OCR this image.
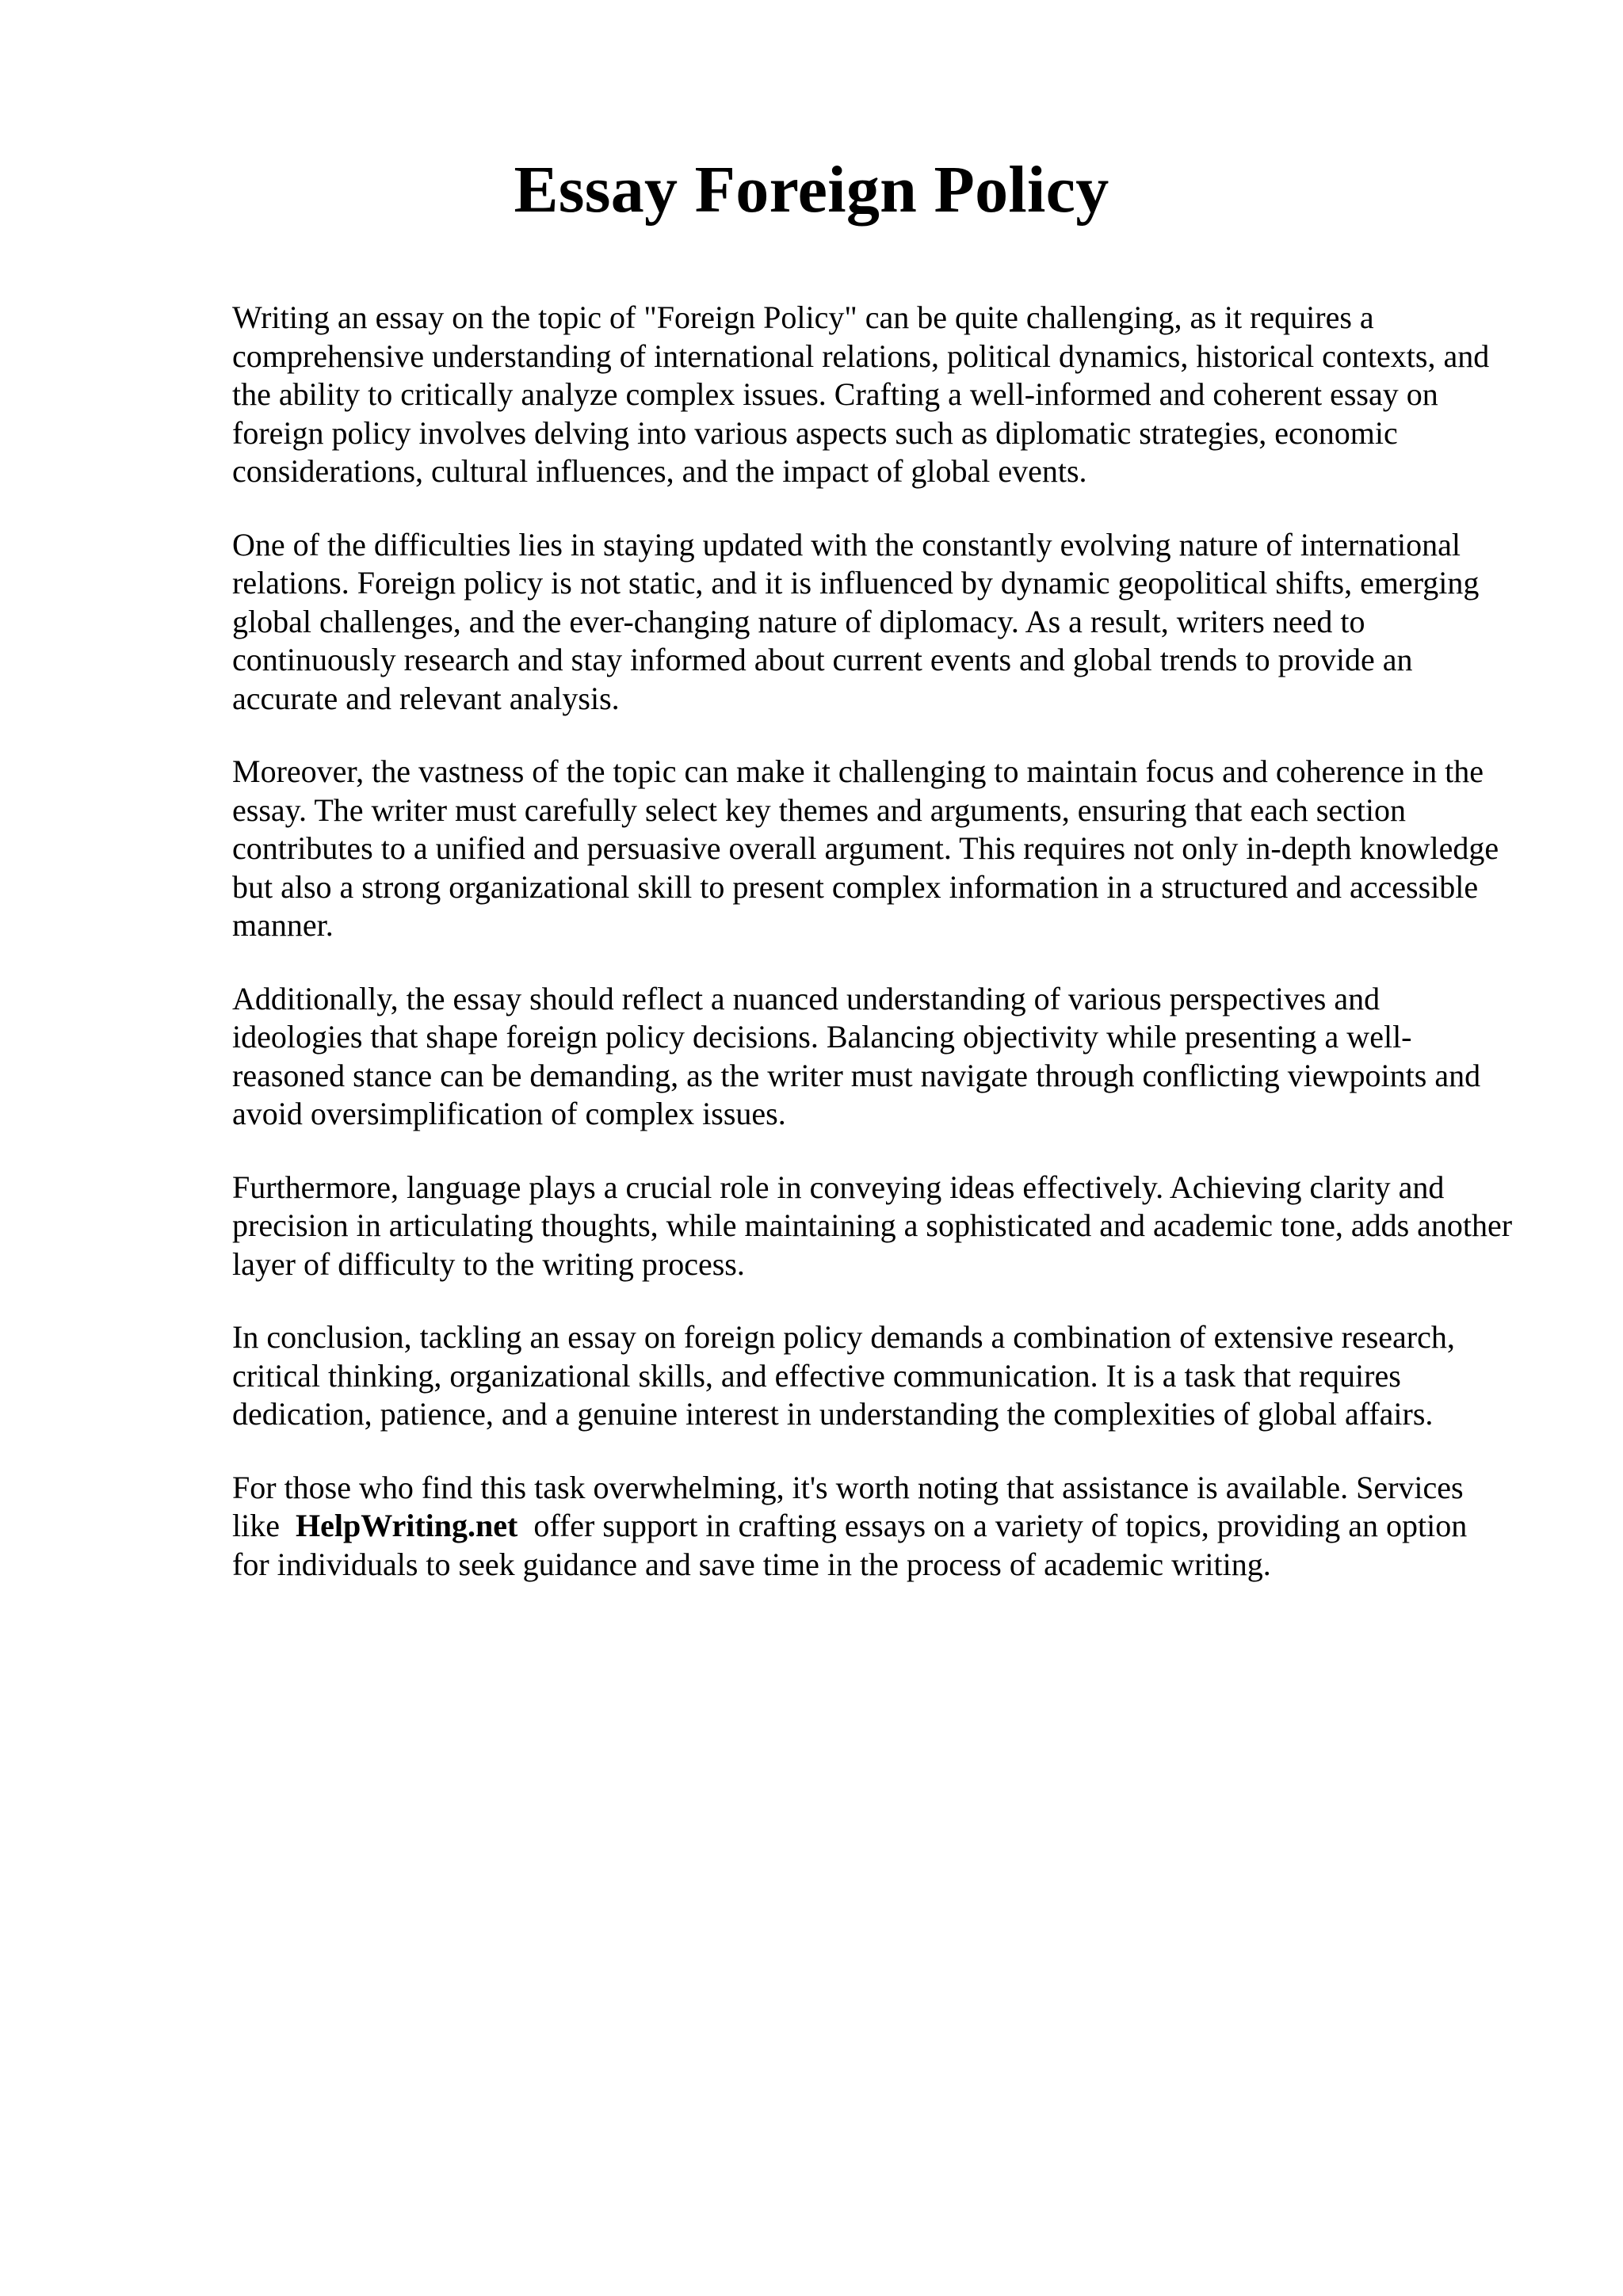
Essay Foreign Policy

Writing an essay on the topic of "Foreign Policy" can be quite challenging, as it requires a comprehensive understanding of international relations, political dynamics, historical contexts, and the ability to critically analyze complex issues. Crafting a well-informed and coherent essay on foreign policy involves delving into various aspects such as diplomatic strategies, economic considerations, cultural influences, and the impact of global events.

One of the difficulties lies in staying updated with the constantly evolving nature of international relations. Foreign policy is not static, and it is influenced by dynamic geopolitical shifts, emerging global challenges, and the ever-changing nature of diplomacy. As a result, writers need to continuously research and stay informed about current events and global trends to provide an accurate and relevant analysis.

Moreover, the vastness of the topic can make it challenging to maintain focus and coherence in the essay. The writer must carefully select key themes and arguments, ensuring that each section contributes to a unified and persuasive overall argument. This requires not only in-depth knowledge but also a strong organizational skill to present complex information in a structured and accessible manner.

Additionally, the essay should reflect a nuanced understanding of various perspectives and ideologies that shape foreign policy decisions. Balancing objectivity while presenting a well-reasoned stance can be demanding, as the writer must navigate through conflicting viewpoints and avoid oversimplification of complex issues.

Furthermore, language plays a crucial role in conveying ideas effectively. Achieving clarity and precision in articulating thoughts, while maintaining a sophisticated and academic tone, adds another layer of difficulty to the writing process.

In conclusion, tackling an essay on foreign policy demands a combination of extensive research, critical thinking, organizational skills, and effective communication. It is a task that requires dedication, patience, and a genuine interest in understanding the complexities of global affairs.

For those who find this task overwhelming, it's worth noting that assistance is available. Services like HelpWriting.net offer support in crafting essays on a variety of topics, providing an option
for individuals to seek guidance and save time in the process of academic writing.
